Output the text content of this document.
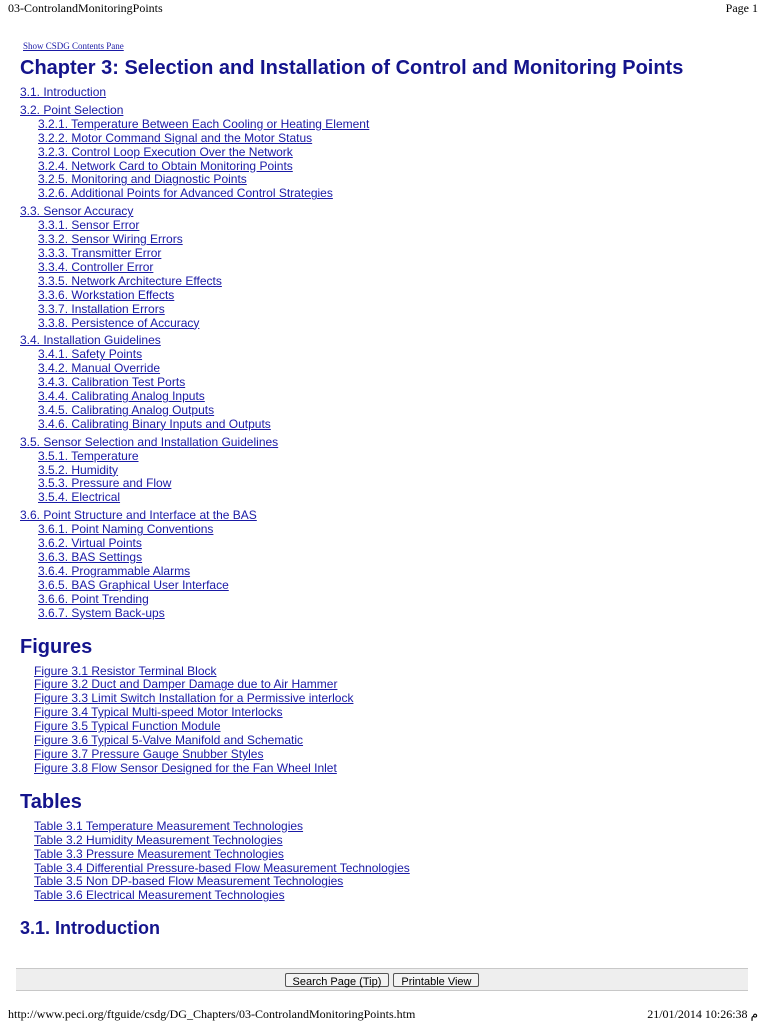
03-ControlandMonitoringPoints	Page 1
Show CSDG Contents Pane
Chapter 3: Selection and Installation of Control and Monitoring Points
3.1. Introduction
3.2. Point Selection
3.2.1. Temperature Between Each Cooling or Heating Element
3.2.2. Motor Command Signal and the Motor Status
3.2.3. Control Loop Execution Over the Network
3.2.4. Network Card to Obtain Monitoring Points
3.2.5. Monitoring and Diagnostic Points
3.2.6. Additional Points for Advanced Control Strategies
3.3. Sensor Accuracy
3.3.1. Sensor Error
3.3.2. Sensor Wiring Errors
3.3.3. Transmitter Error
3.3.4. Controller Error
3.3.5. Network Architecture Effects
3.3.6. Workstation Effects
3.3.7. Installation Errors
3.3.8. Persistence of Accuracy
3.4. Installation Guidelines
3.4.1. Safety Points
3.4.2. Manual Override
3.4.3. Calibration Test Ports
3.4.4. Calibrating Analog Inputs
3.4.5. Calibrating Analog Outputs
3.4.6. Calibrating Binary Inputs and Outputs
3.5. Sensor Selection and Installation Guidelines
3.5.1. Temperature
3.5.2. Humidity
3.5.3. Pressure and Flow
3.5.4. Electrical
3.6. Point Structure and Interface at the BAS
3.6.1. Point Naming Conventions
3.6.2. Virtual Points
3.6.3. BAS Settings
3.6.4. Programmable Alarms
3.6.5. BAS Graphical User Interface
3.6.6. Point Trending
3.6.7. System Back-ups
Figures
Figure 3.1 Resistor Terminal Block
Figure 3.2 Duct and Damper Damage due to Air Hammer
Figure 3.3 Limit Switch Installation for a Permissive interlock
Figure 3.4 Typical Multi-speed Motor Interlocks
Figure 3.5 Typical Function Module
Figure 3.6 Typical 5-Valve Manifold and Schematic
Figure 3.7 Pressure Gauge Snubber Styles
Figure 3.8 Flow Sensor Designed for the Fan Wheel Inlet
Tables
Table 3.1 Temperature Measurement Technologies
Table 3.2 Humidity Measurement Technologies
Table 3.3 Pressure Measurement Technologies
Table 3.4 Differential Pressure-based Flow Measurement Technologies
Table 3.5 Non DP-based Flow Measurement Technologies
Table 3.6 Electrical Measurement Technologies
3.1. Introduction
Search Page (Tip)	Printable View
http://www.peci.org/ftguide/csdg/DG_Chapters/03-ControlandMonitoringPoints.htm	21/01/2014 10:26:38 م
